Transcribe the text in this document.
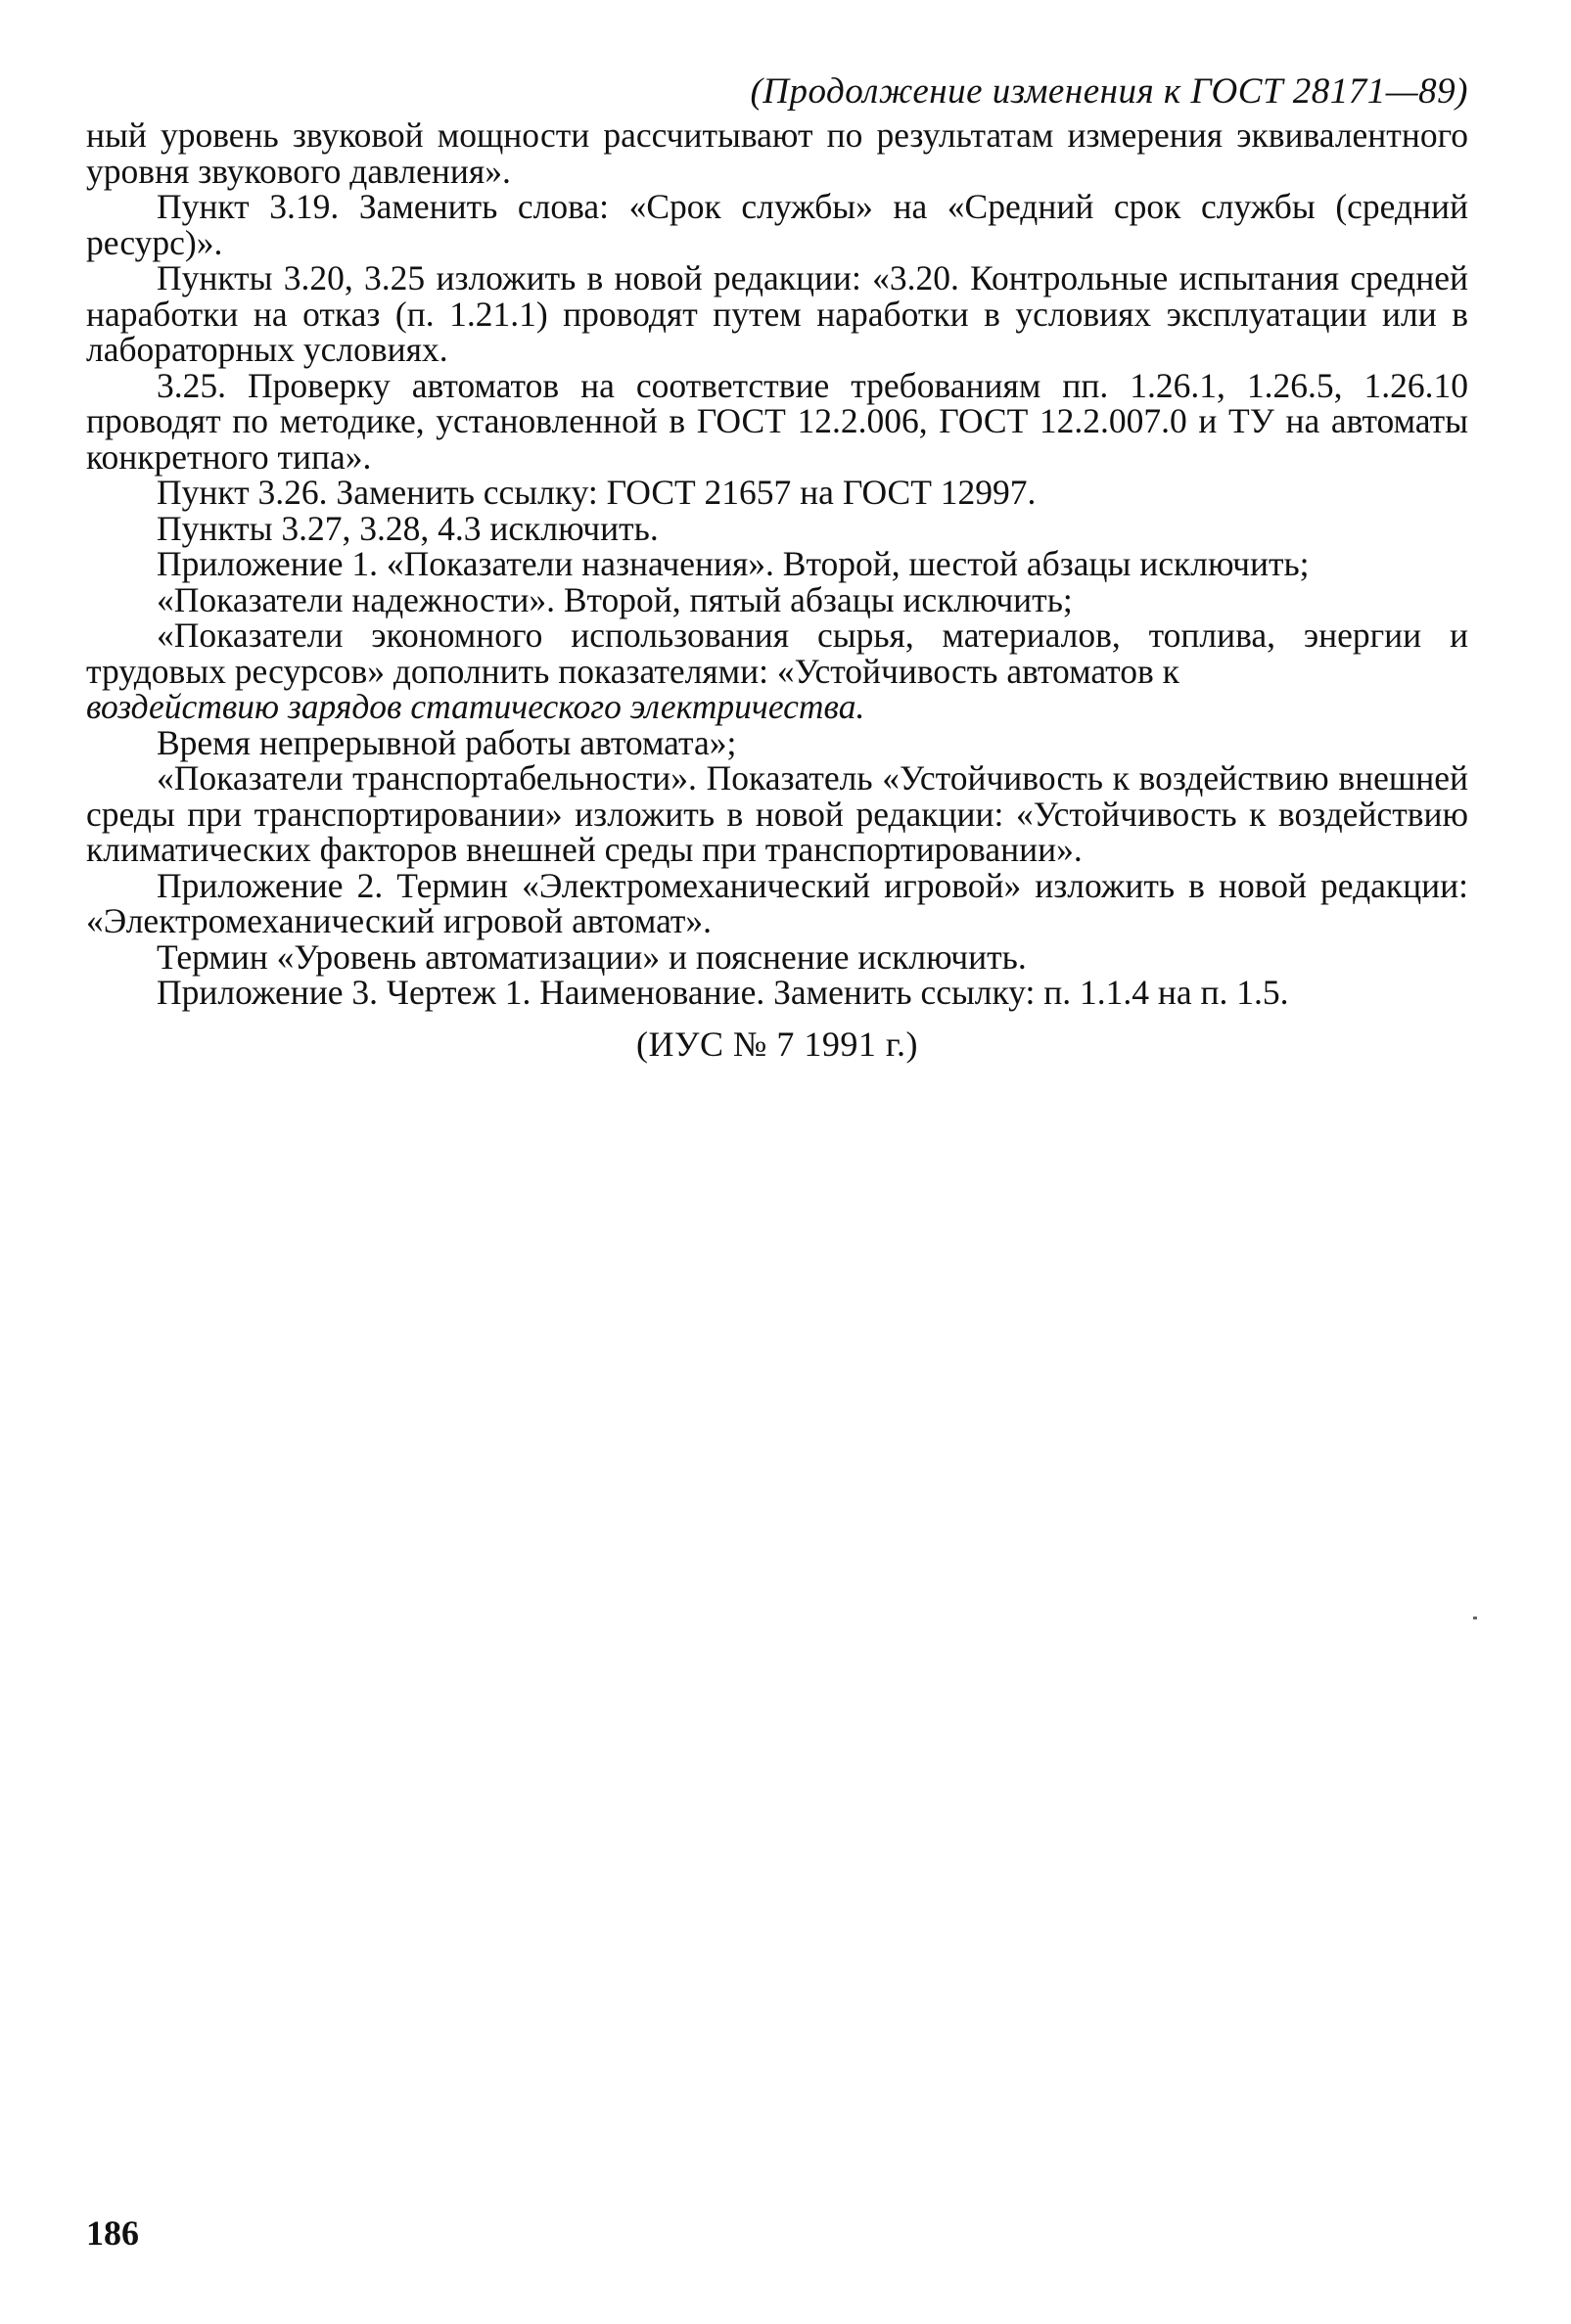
(Продолжение изменения к ГОСТ 28171—89)

ный уровень звуковой мощности рассчитывают по результатам измерения эквивалентного уровня звукового давления».

Пункт 3.19. Заменить слова: «Срок службы» на «Средний срок службы (средний ресурс)».

Пункты 3.20, 3.25 изложить в новой редакции: «3.20. Контрольные испытания средней наработки на отказ (п. 1.21.1) проводят путем наработки в условиях эксплуатации или в лабораторных условиях.

3.25. Проверку автоматов на соответствие требованиям пп. 1.26.1, 1.26.5, 1.26.10 проводят по методике, установленной в ГОСТ 12.2.006, ГОСТ 12.2.007.0 и ТУ на автоматы конкретного типа».

Пункт 3.26. Заменить ссылку: ГОСТ 21657 на ГОСТ 12997.

Пункты 3.27, 3.28, 4.3 исключить.

Приложение 1. «Показатели назначения». Второй, шестой абзацы исключить;

«Показатели надежности». Второй, пятый абзацы исключить;

«Показатели экономного использования сырья, материалов, топлива, энергии и трудовых ресурсов» дополнить показателями: «Устойчивость автоматов к

воздействию зарядов статического электричества.

Время непрерывной работы автомата»;

«Показатели транспортабельности». Показатель «Устойчивость к воздействию внешней среды при транспортировании» изложить в новой редакции: «Устойчивость к воздействию климатических факторов внешней среды при транспортировании».

Приложение 2. Термин «Электромеханический игровой» изложить в новой редакции: «Электромеханический игровой автомат».

Термин «Уровень автоматизации» и пояснение исключить.

Приложение 3. Чертеж 1. Наименование. Заменить ссылку: п. 1.1.4 на п. 1.5.

(ИУС № 7 1991 г.)
186
